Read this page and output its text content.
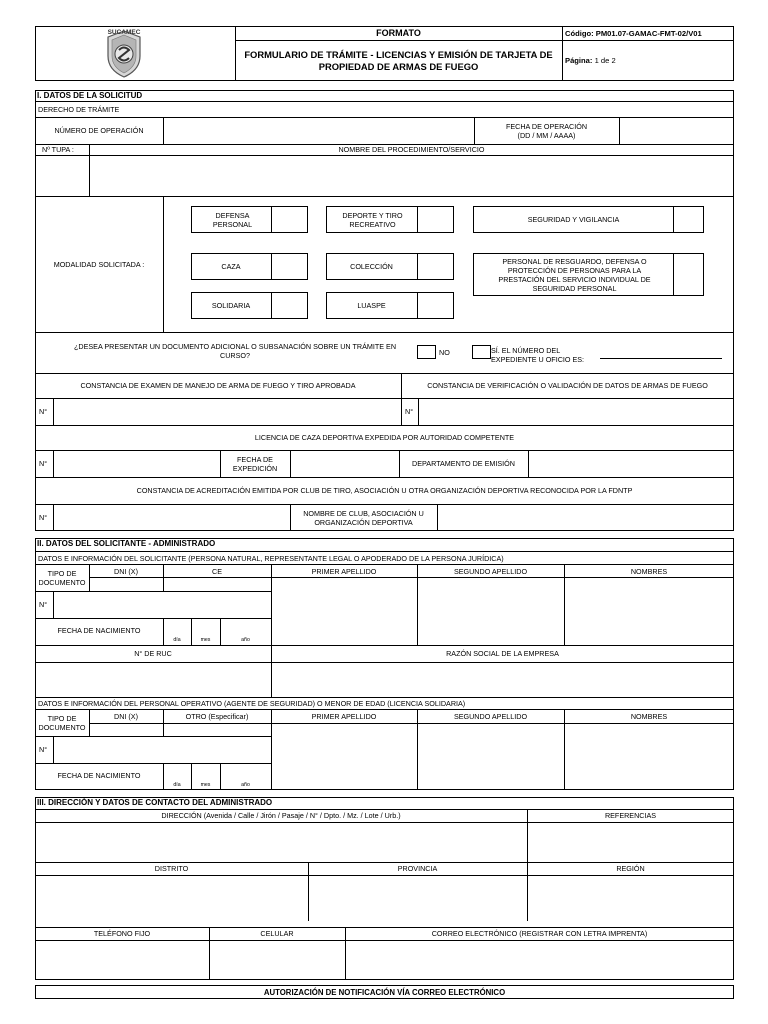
SUCAMEC	FORMATO
FORMULARIO DE TRÁMITE - LICENCIAS Y EMISIÓN DE TARJETA DE PROPIEDAD DE ARMAS DE FUEGO
Código: PM01.07-GAMAC-FMT-02/V01
Página:
1 de 2
I. DATOS DE LA SOLICITUD
DERECHO DE TRÁMITE
NÚMERO DE OPERACIÓN	FECHA DE OPERACIÓN
(DD / MM / AAAA)
Nº TUPA :	NOMBRE DEL PROCEDIMIENTO/SERVICIO
MODALIDAD SOLICITADA :
DEFENSA PERSONAL
DEPORTE Y TIRO RECREATIVO	SEGURIDAD Y VIGILANCIA
CAZA	COLECCIÓN
PERSONAL DE RESGUARDO, DEFENSA O PROTECCIÓN DE PERSONAS PARA LA PRESTACIÓN DEL SERVICIO INDIVIDUAL DE SEGURIDAD PERSONAL
SOLIDARIA	LUASPE
¿DESEA PRESENTAR UN DOCUMENTO ADICIONAL O SUBSANACIÓN SOBRE UN TRÁMITE EN CURSO?	NO	SÍ. EL NÚMERO DEL EXPEDIENTE U OFICIO ES:
CONSTANCIA DE EXAMEN DE MANEJO DE ARMA DE FUEGO Y TIRO APROBADA	CONSTANCIA DE VERIFICACIÓN O VALIDACIÓN DE DATOS DE ARMAS DE FUEGO
N°	N°
LICENCIA DE CAZA DEPORTIVA EXPEDIDA POR AUTORIDAD COMPETENTE
N°	FECHA DE EXPEDICIÓN	DEPARTAMENTO DE EMISIÓN
CONSTANCIA DE ACREDITACIÓN EMITIDA POR CLUB DE TIRO, ASOCIACIÓN U OTRA ORGANIZACIÓN DEPORTIVA RECONOCIDA POR LA FDNTP
N°	NOMBRE DE CLUB, ASOCIACIÓN U ORGANIZACIÓN DEPORTIVA
II. DATOS DEL SOLICITANTE - ADMINISTRADO
DATOS E INFORMACIÓN DEL SOLICITANTE (PERSONA NATURAL, REPRESENTANTE LEGAL O APODERADO DE LA PERSONA JURÍDICA)
TIPO DE DOCUMENTO
DNI (X)	CE	PRIMER APELLIDO	SEGUNDO APELLIDO	NOMBRES
N°
FECHA DE NACIMIENTO
día	mes	año
N° DE RUC	RAZÓN SOCIAL DE LA EMPRESA
DATOS E INFORMACIÓN DEL PERSONAL OPERATIVO (AGENTE DE SEGURIDAD) O MENOR DE EDAD (LICENCIA SOLIDARIA)
TIPO DE DOCUMENTO
DNI (X)	OTRO (Especificar)	PRIMER APELLIDO	SEGUNDO APELLIDO	NOMBRES
N°
FECHA DE NACIMIENTO
día	mes	año
III. DIRECCIÓN Y DATOS DE CONTACTO DEL ADMINISTRADO
DIRECCIÓN (Avenida / Calle / Jirón / Pasaje / N° / Dpto. / Mz. / Lote / Urb.)	REFERENCIAS
DISTRITO	PROVINCIA	REGIÓN
TELÉFONO FIJO	CELULAR	CORREO ELECTRÓNICO (REGISTRAR CON LETRA IMPRENTA)
AUTORIZACIÓN DE NOTIFICACIÓN VÍA CORREO ELECTRÓNICO
